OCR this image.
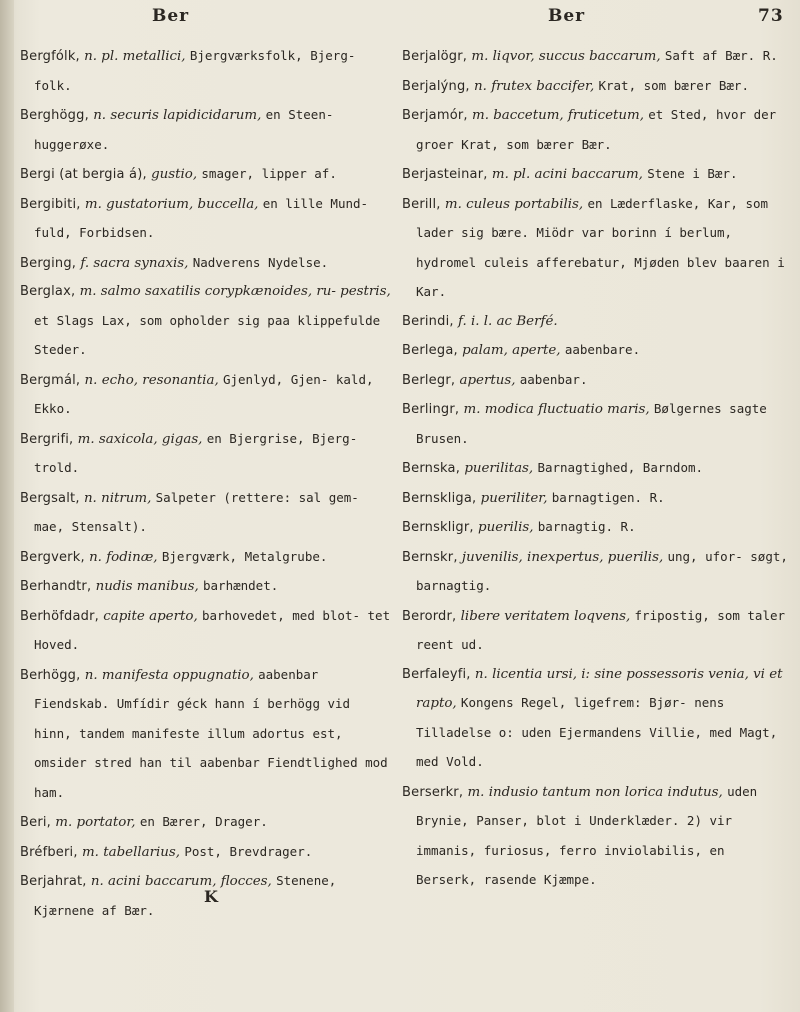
Ber	Ber	73
Bergfólk, n. pl. metallici, Bjergværksfolk, Bjerg- folk.
Berghögg, n. securis lapidicidarum, en Steen- huggerøxe.
Bergi (at bergia á), gustio, smager, lipper af.
Bergibiti, m. gustatorium, buccella, en lille Mund- fuld, Forbidsen.
Berging, f. sacra synaxis, Nadverens Nydelse.
Berglax, m. salmo saxatilis corypkænoides, ru- pestris, et Slags Lax, som opholder sig paa klippefulde Steder.
Bergmál, n. echo, resonantia, Gjenlyd, Gjen- kald, Ekko.
Bergrifi, m. saxicola, gigas, en Bjergrise, Bjerg- trold.
Bergsalt, n. nitrum, Salpeter (rettere: sal gem- mae, Stensalt).
Bergverk, n. fodinæ, Bjergværk, Metalgrube.
Berhandtr, nudis manibus, barhændet.
Berhöfdadr, capite aperto, barhovedet, med blot- tet Hoved.
Berhögg, n. manifesta oppugnatio, aabenbar Fiendskab. Umfídir géck hann í berhögg vid hinn, tandem manifeste illum adortus est, omsider stred han til aabenbar Fiendtlighed mod ham.
Beri, m. portator, en Bærer, Drager.
Bréfberi, m. tabellarius, Post, Brevdrager.
Berjahrat, n. acini baccarum, flocces, Stenene, Kjærnene af Bær.
Berjalögr, m. liqvor, succus baccarum, Saft af Bær. R.
Berjalýng, n. frutex baccifer, Krat, som bærer Bær.
Berjamór, m. baccetum, fruticetum, et Sted, hvor der groer Krat, som bærer Bær.
Berjasteinar, m. pl. acini baccarum, Stene i Bær.
Berill, m. culeus portabilis, en Læderflaske, Kar, som lader sig bære. Miödr var borinn í berlum, hydromel culeis afferebatur, Mjøden blev baaren i Kar.
Berindi, f. i. l. ac Berfé.
Berlega, palam, aperte, aabenbare.
Berlegr, apertus, aabenbar.
Berlingr, m. modica fluctuatio maris, Bølgernes sagte Brusen.
Bernska, puerilitas, Barnagtighed, Barndom.
Bernskliga, pueriliter, barnagtigen. R.
Bernskligr, puerilis, barnagtig. R.
Bernskr, juvenilis, inexpertus, puerilis, ung, ufor- søgt, barnagtig.
Berordr, libere veritatem loqvens, fripostig, som taler reent ud.
Berfaleyfi, n. licentia ursi, i: sine possessoris venia, vi et rapto, Kongens Regel, ligefrem: Bjør- nens Tilladelse o: uden Ejermandens Villie, med Magt, med Vold.
Berserkr, m. indusio tantum non lorica indutus, uden Brynie, Panser, blot i Underklæder. 2) vir immanis, furiosus, ferro inviolabilis, en Berserk, rasende Kjæmpe.
K
